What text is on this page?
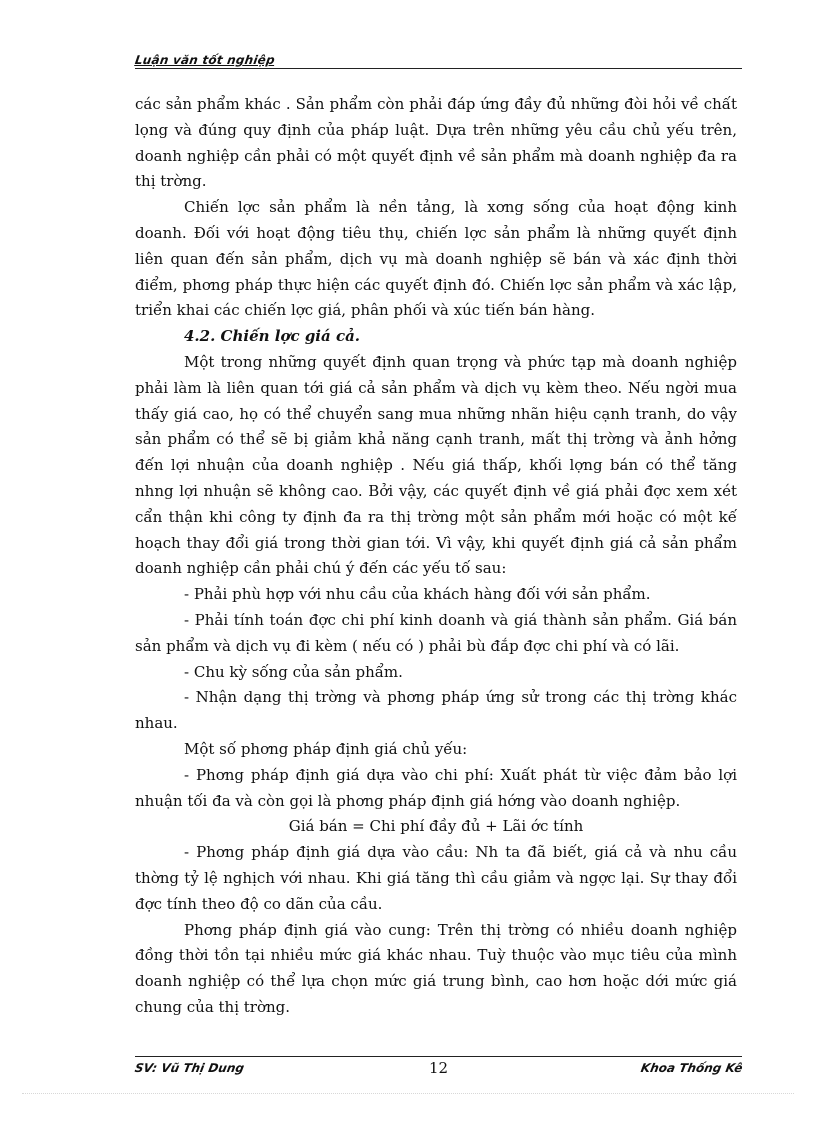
Luận văn tốt nghiệp

các sản phẩm khác . Sản phẩm còn phải đáp ứng đầy đủ những đòi hỏi về chất lọng và đúng quy định của pháp luật. Dựa trên những yêu cầu chủ yếu trên, doanh nghiệp cần phải có một quyết định về sản phẩm mà doanh nghiệp đa ra thị trờng.

Chiến lợc sản phẩm là nền tảng, là xơng sống của hoạt động kinh doanh. Đối với hoạt động tiêu thụ, chiến lợc sản phẩm là những quyết định liên quan đến sản phẩm, dịch vụ mà doanh nghiệp sẽ bán và xác định thời điểm, phơng pháp thực hiện các quyết định đó. Chiến lợc sản phẩm và xác lập, triển khai các chiến lợc giá, phân phối và xúc tiến bán hàng.

4.2. Chiến lợc giá cả.

Một trong những quyết định quan trọng và phức tạp mà doanh nghiệp phải làm là liên quan tới giá cả sản phẩm và dịch vụ kèm theo. Nếu ngời mua thấy giá cao, họ có thể chuyển sang mua những nhãn hiệu cạnh tranh, do vậy sản phẩm có thể sẽ bị giảm khả năng cạnh tranh, mất thị trờng và ảnh hởng đến lợi nhuận của doanh nghiệp . Nếu giá thấp, khối lợng bán có thể tăng nhng lợi nhuận sẽ không cao. Bởi vậy, các quyết định về giá phải đợc xem xét cẩn thận khi công ty định đa ra thị trờng một sản phẩm mới hoặc có một kế hoạch thay đổi giá trong thời gian tới. Vì vậy, khi quyết định giá cả sản phẩm doanh nghiệp cần phải chú ý đến các yếu tố sau:

- Phải phù hợp với nhu cầu của khách hàng đối với sản phẩm.

- Phải tính toán đợc chi phí kinh doanh và giá thành sản phẩm. Giá bán sản phẩm và dịch vụ đi kèm ( nếu có ) phải bù đắp đợc chi phí và có lãi.

- Chu kỳ sống của sản phẩm.

- Nhận dạng thị trờng và phơng pháp ứng sử trong các thị trờng khác nhau.

Một số phơng pháp định giá chủ yếu:

- Phơng pháp định giá dựa vào chi phí: Xuất phát từ việc đảm bảo lợi nhuận tối đa và còn gọi là phơng pháp định giá hớng vào doanh nghiệp.

Giá bán = Chi phí đầy đủ + Lãi ớc tính

- Phơng pháp định giá dựa vào cầu: Nh ta đã biết, giá cả và nhu cầu thờng tỷ lệ nghịch với nhau. Khi giá tăng thì cầu giảm và ngợc lại. Sự thay đổi đợc tính theo độ co dãn của cầu.

Phơng pháp định giá vào cung: Trên thị trờng có nhiều doanh nghiệp đồng thời tồn tại nhiều mức giá khác nhau. Tuỳ thuộc vào mục tiêu của mình doanh nghiệp có thể lựa chọn mức giá trung bình, cao hơn hoặc dới mức giá chung của thị trờng.

SV: Vũ Thị Dung	12	Khoa Thống Kê
